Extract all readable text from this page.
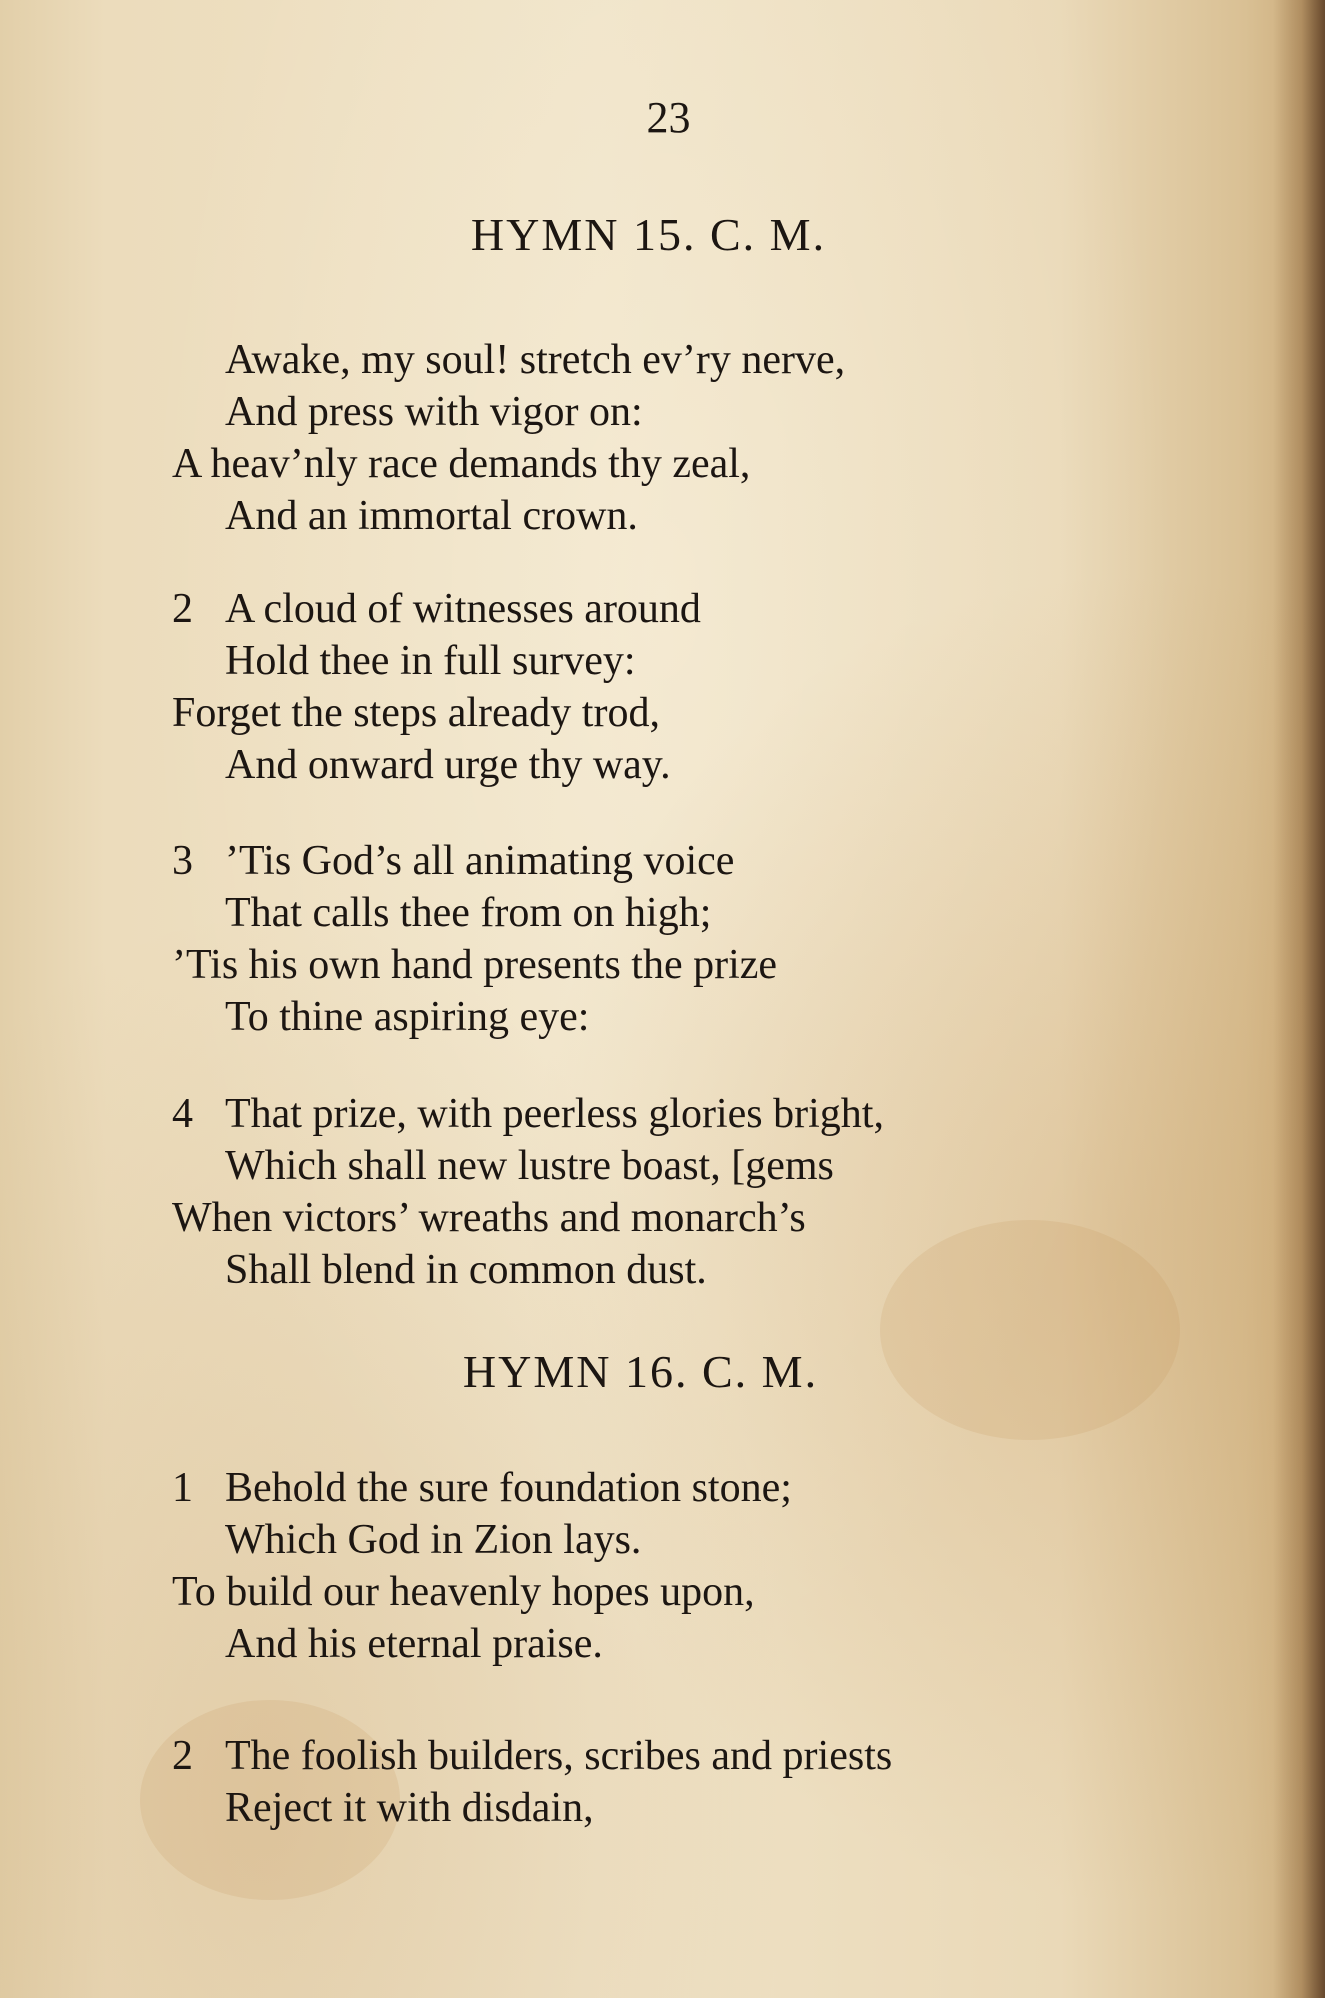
23
HYMN 15. C. M.
Awake, my soul! stretch ev’ry nerve,
And press with vigor on:
A heav’nly race demands thy zeal,
And an immortal crown.
2 A cloud of witnesses around
Hold thee in full survey:
Forget the steps already trod,
And onward urge thy way.
3 ’Tis God’s all animating voice
That calls thee from on high;
’Tis his own hand presents the prize
To thine aspiring eye:
4 That prize, with peerless glories bright,
Which shall new lustre boast, [gems
When victors’ wreaths and monarch’s
Shall blend in common dust.
HYMN 16. C. M.
1 Behold the sure foundation stone;
Which God in Zion lays.
To build our heavenly hopes upon,
And his eternal praise.
2 The foolish builders, scribes and priests
Reject it with disdain,
